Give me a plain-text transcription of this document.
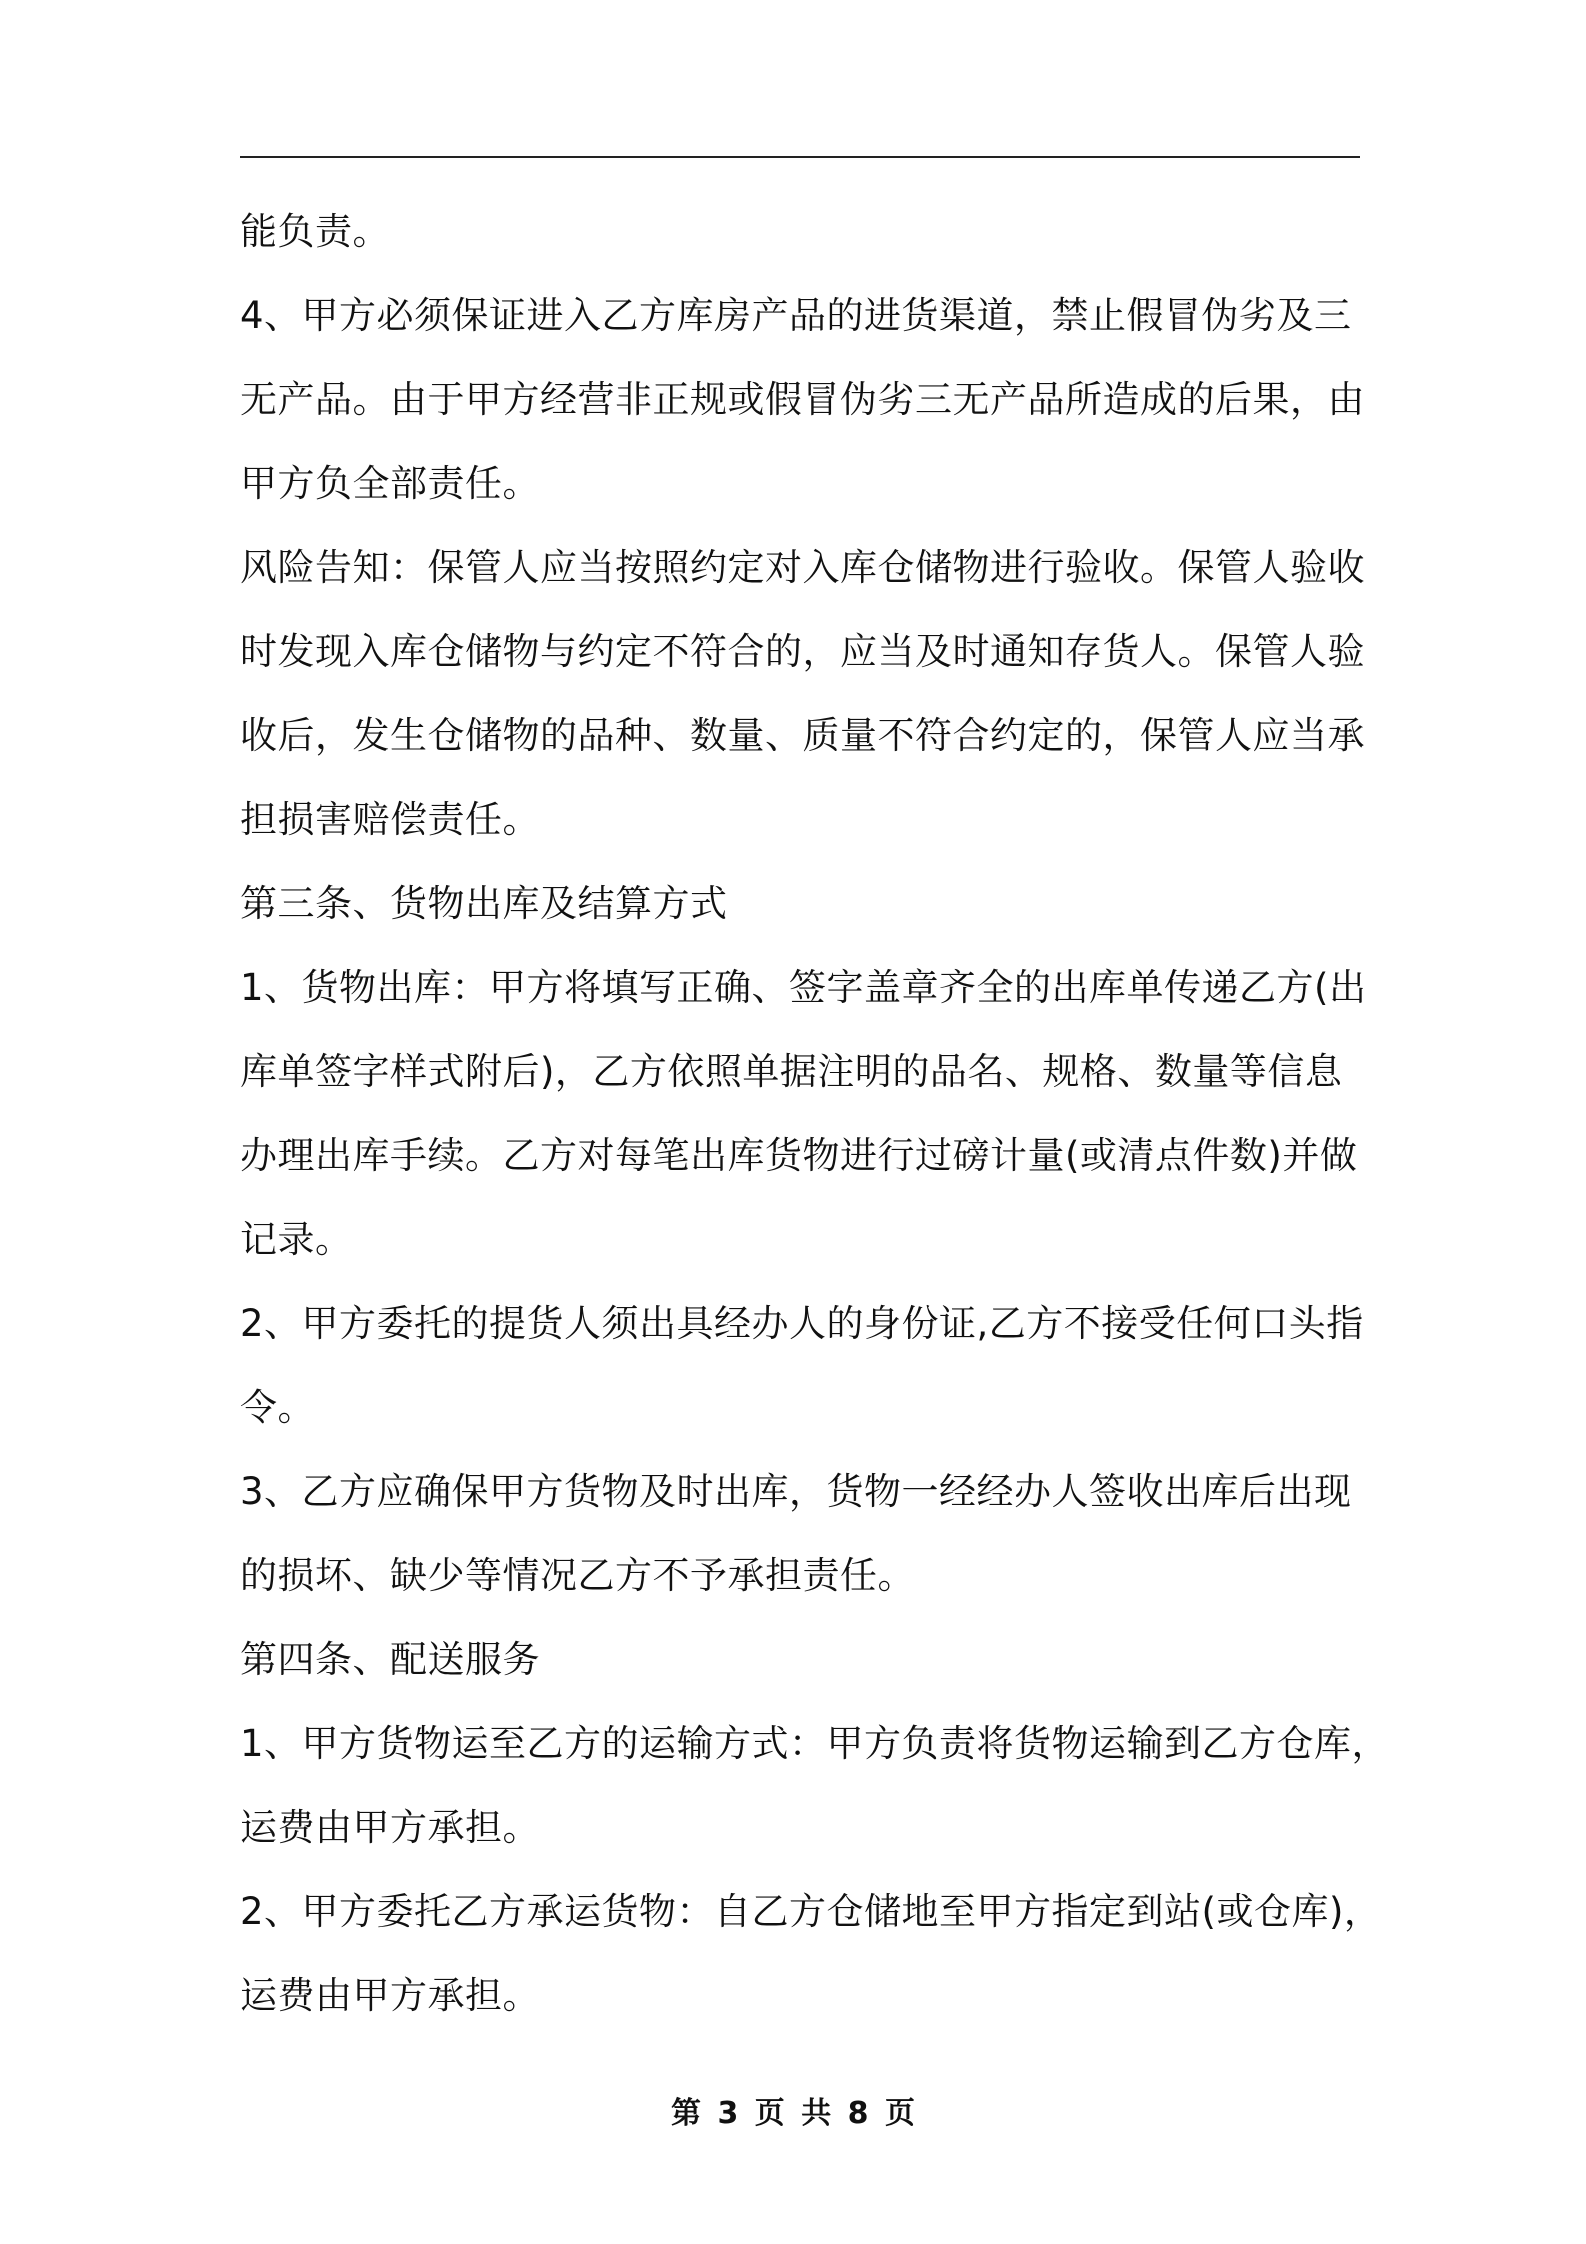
能负责。

4、甲方必须保证进入乙方库房产品的进货渠道，禁止假冒伪劣及三

无产品。由于甲方经营非正规或假冒伪劣三无产品所造成的后果，由

甲方负全部责任。

风险告知：保管人应当按照约定对入库仓储物进行验收。保管人验收

时发现入库仓储物与约定不符合的，应当及时通知存货人。保管人验

收后，发生仓储物的品种、数量、质量不符合约定的，保管人应当承

担损害赔偿责任。

第三条、货物出库及结算方式

1、货物出库：甲方将填写正确、签字盖章齐全的出库单传递乙方(出

库单签字样式附后)，乙方依照单据注明的品名、规格、数量等信息

办理出库手续。乙方对每笔出库货物进行过磅计量(或清点件数)并做

记录。

2、甲方委托的提货人须出具经办人的身份证,乙方不接受任何口头指

令。

3、乙方应确保甲方货物及时出库，货物一经经办人签收出库后出现

的损坏、缺少等情况乙方不予承担责任。

第四条、配送服务

1、甲方货物运至乙方的运输方式：甲方负责将货物运输到乙方仓库，

运费由甲方承担。

2、甲方委托乙方承运货物：自乙方仓储地至甲方指定到站(或仓库)，

运费由甲方承担。

第 3 页 共 8 页
